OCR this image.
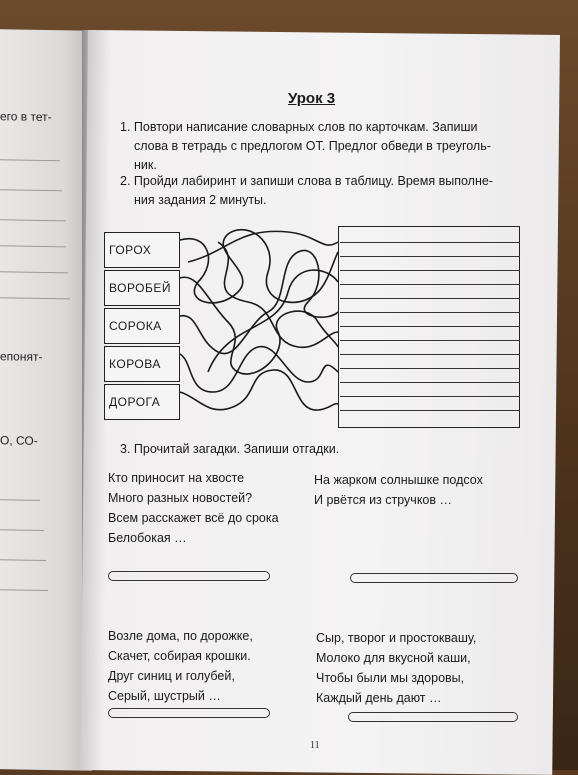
его в тет-
епонят-
О, СО-
Урок 3
1. Повтори написание словарных слов по карточкам. Запиши
слова в тетрадь с предлогом ОТ. Предлог обведи в треуголь-
ник.
2. Пройди лабиринт и запиши слова в таблицу. Время выполне-
ния задания 2 минуты.
ГОРОХ
ВОРОБЕЙ
СОРОКА
КОРОВА
ДОРОГА
3. Прочитай загадки. Запиши отгадки.
Кто приносит на хвосте
Много разных новостей?
Всем расскажет всё до срока
Белобокая …
На жарком солнышке подсох
И рвётся из стручков …
Возле дома, по дорожке,
Скачет, собирая крошки.
Друг синиц и голубей,
Серый, шустрый …
Сыр, творог и простоквашу,
Молоко для вкусной каши,
Чтобы были мы здоровы,
Каждый день дают …
11
